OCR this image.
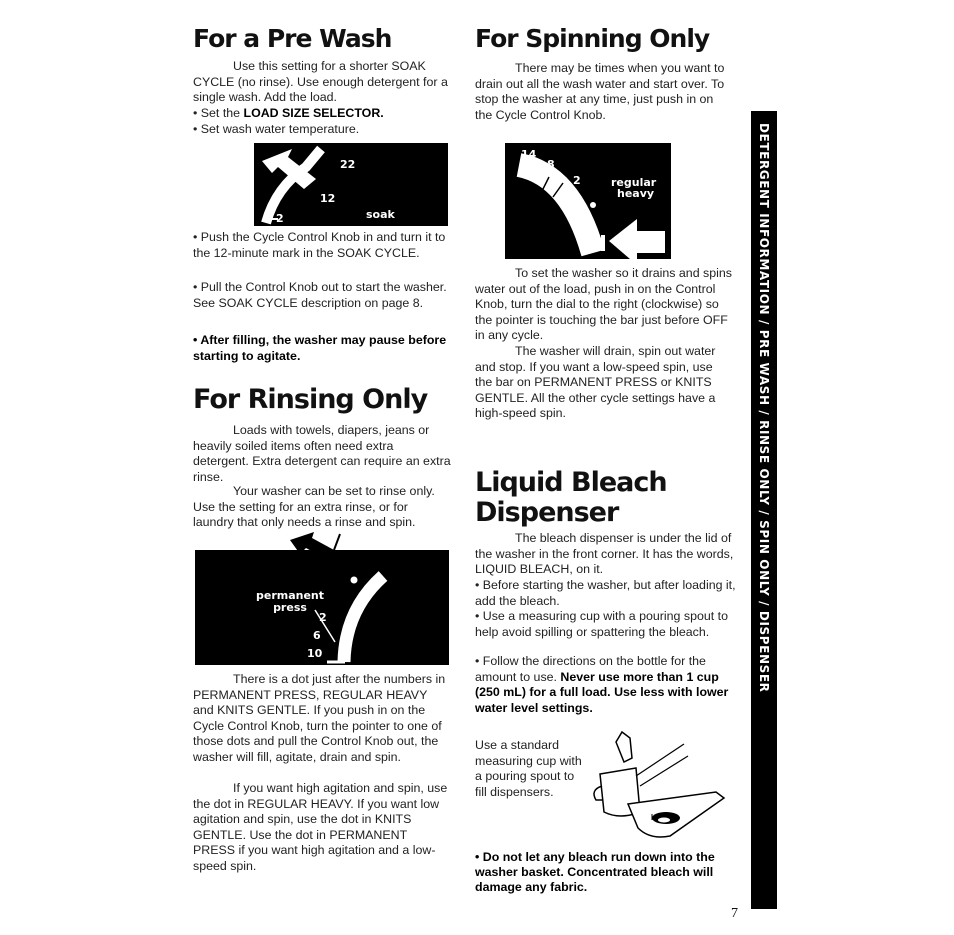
For a Pre Wash

Use this setting for a shorter SOAK CYCLE (no rinse). Use enough detergent for a single wash. Add the load.

• Set the LOAD SIZE SELECTOR.

• Set wash water temperature.

22
12
2	soak

• Push the Cycle Control Knob in and turn it to the 12-minute mark in the SOAK CYCLE.

• Pull the Control Knob out to start the washer. See SOAK CYCLE description on page 8.

• After filling, the washer may pause before starting to agitate.

For Rinsing Only

Loads with towels, diapers, jeans or heavily soiled items often need extra detergent. Extra detergent can require an extra rinse.

Your washer can be set to rinse only. Use the setting for an extra rinse, or for laundry that only needs a rinse and spin.

permanent
press
2
6
10

There is a dot just after the numbers in PERMANENT PRESS, REGULAR HEAVY and KNITS GENTLE. If you push in on the Cycle Control Knob, turn the pointer to one of those dots and pull the Control Knob out, the washer will fill, agitate, drain and spin.

If you want high agitation and spin, use the dot in REGULAR HEAVY. If you want low agitation and spin, use the dot in KNITS GENTLE. Use the dot in PERMANENT PRESS if you want high agitation and a low-speed spin.

For Spinning Only

There may be times when you want to drain out all the wash water and start over. To stop the washer at any time, just push in on the Cycle Control Knob.

14
8
2	regular
heavy

To set the washer so it drains and spins water out of the load, push in on the Control Knob, turn the dial to the right (clockwise) so the pointer is touching the bar just before OFF in any cycle.

The washer will drain, spin out water and stop. If you want a low-speed spin, use the bar on PERMANENT PRESS or KNITS GENTLE. All the other cycle settings have a high-speed spin.

Liquid Bleach
Dispenser

The bleach dispenser is under the lid of the washer in the front corner. It has the words, LIQUID BLEACH, on it.

• Before starting the washer, but after loading it, add the bleach.

• Use a measuring cup with a pouring spout to help avoid spilling or spattering the bleach.

• Follow the directions on the bottle for the amount to use. Never use more than 1 cup (250 mL) for a full load. Use less with lower water level settings.

Use a standard measuring cup with a pouring spout to fill dispensers.

• Do not let any bleach run down into the washer basket. Concentrated bleach will damage any fabric.

DETERGENT INFORMATION / PRE WASH / RINSE ONLY / SPIN ONLY / DISPENSER
7
